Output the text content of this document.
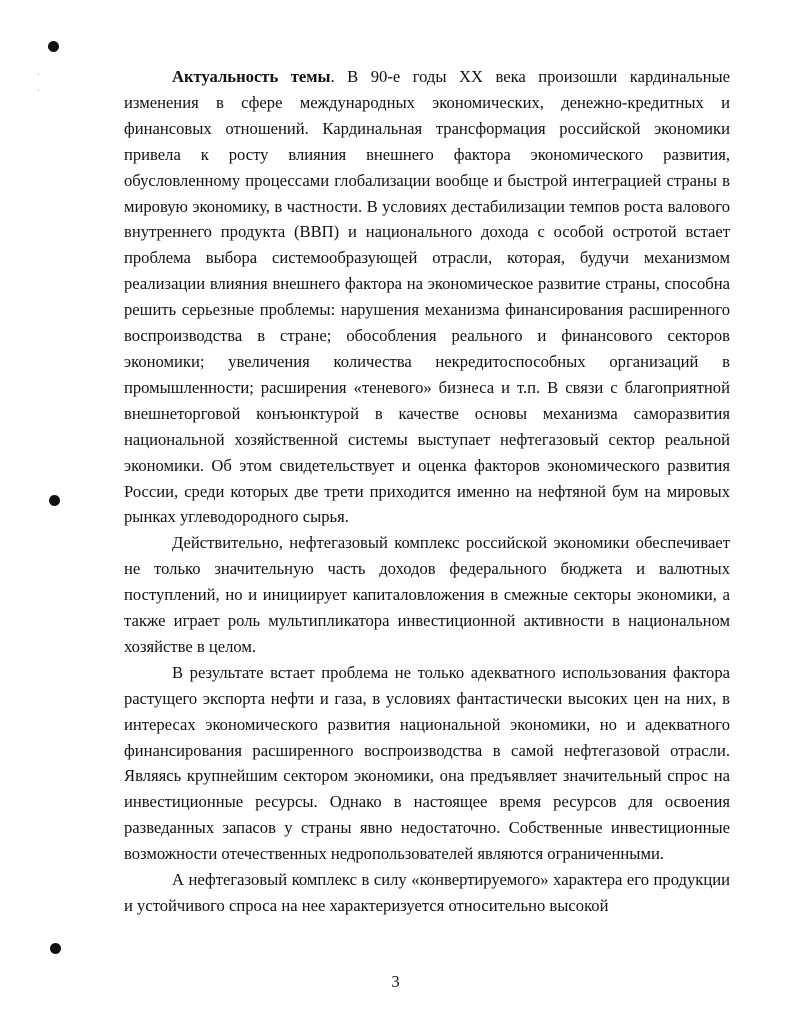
Актуальность темы. В 90-е годы XX века произошли кардинальные изменения в сфере международных экономических, денежно-кредитных и финансовых отношений. Кардинальная трансформация российской экономики привела к росту влияния внешнего фактора экономического развития, обусловленному процессами глобализации вообще и быстрой интеграцией страны в мировую экономику, в частности. В условиях дестабилизации темпов роста валового внутреннего продукта (ВВП) и национального дохода с особой остротой встает проблема выбора системообразующей отрасли, которая, будучи механизмом реализации влияния внешнего фактора на экономическое развитие страны, способна решить серьезные проблемы: нарушения механизма финансирования расширенного воспроизводства в стране; обособления реального и финансового секторов экономики; увеличения количества некредитоспособных организаций в промышленности; расширения «теневого» бизнеса и т.п. В связи с благоприятной внешнеторговой конъюнктурой в качестве основы механизма саморазвития национальной хозяйственной системы выступает нефтегазовый сектор реальной экономики. Об этом свидетельствует и оценка факторов экономического развития России, среди которых две трети приходится именно на нефтяной бум на мировых рынках углеводородного сырья.

Действительно, нефтегазовый комплекс российской экономики обеспечивает не только значительную часть доходов федерального бюджета и валютных поступлений, но и инициирует капиталовложения в смежные секторы экономики, а также играет роль мультипликатора инвестиционной активности в национальном хозяйстве в целом.

В результате встает проблема не только адекватного использования фактора растущего экспорта нефти и газа, в условиях фантастически высоких цен на них, в интересах экономического развития национальной экономики, но и адекватного финансирования расширенного воспроизводства в самой нефтегазовой отрасли. Являясь крупнейшим сектором экономики, она предъявляет значительный спрос на инвестиционные ресурсы. Однако в настоящее время ресурсов для освоения разведанных запасов у страны явно недостаточно. Собственные инвестиционные возможности отечественных недропользователей являются ограниченными.

А нефтегазовый комплекс в силу «конвертируемого» характера его продукции и устойчивого спроса на нее характеризуется относительно высокой

3
